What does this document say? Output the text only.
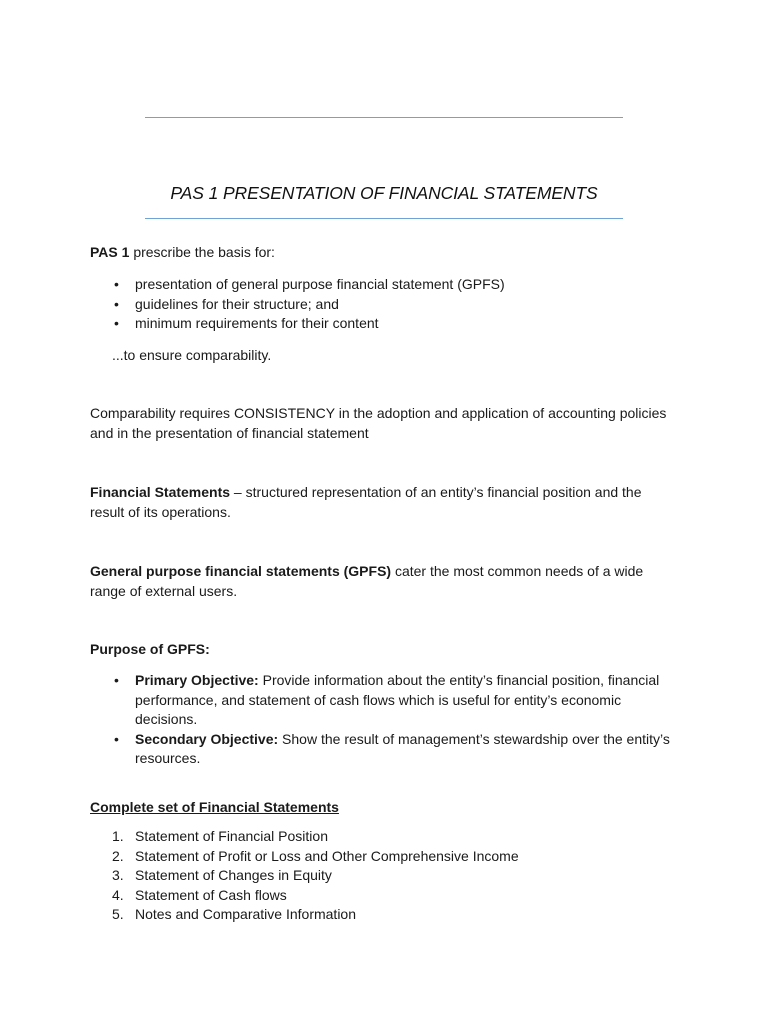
PAS 1 PRESENTATION OF FINANCIAL STATEMENTS
PAS 1 prescribe the basis for:
• presentation of general purpose financial statement (GPFS)
• guidelines for their structure; and
• minimum requirements for their content
...to ensure comparability.
Comparability requires CONSISTENCY in the adoption and application of accounting policies and in the presentation of financial statement
Financial Statements – structured representation of an entity’s financial position and the result of its operations.
General purpose financial statements (GPFS) cater the most common needs of a wide range of external users.
Purpose of GPFS:
• Primary Objective: Provide information about the entity’s financial position, financial performance, and statement of cash flows which is useful for entity’s economic decisions.
• Secondary Objective: Show the result of management’s stewardship over the entity’s resources.
Complete set of Financial Statements
1. Statement of Financial Position
2. Statement of Profit or Loss and Other Comprehensive Income
3. Statement of Changes in Equity
4. Statement of Cash flows
5. Notes and Comparative Information
